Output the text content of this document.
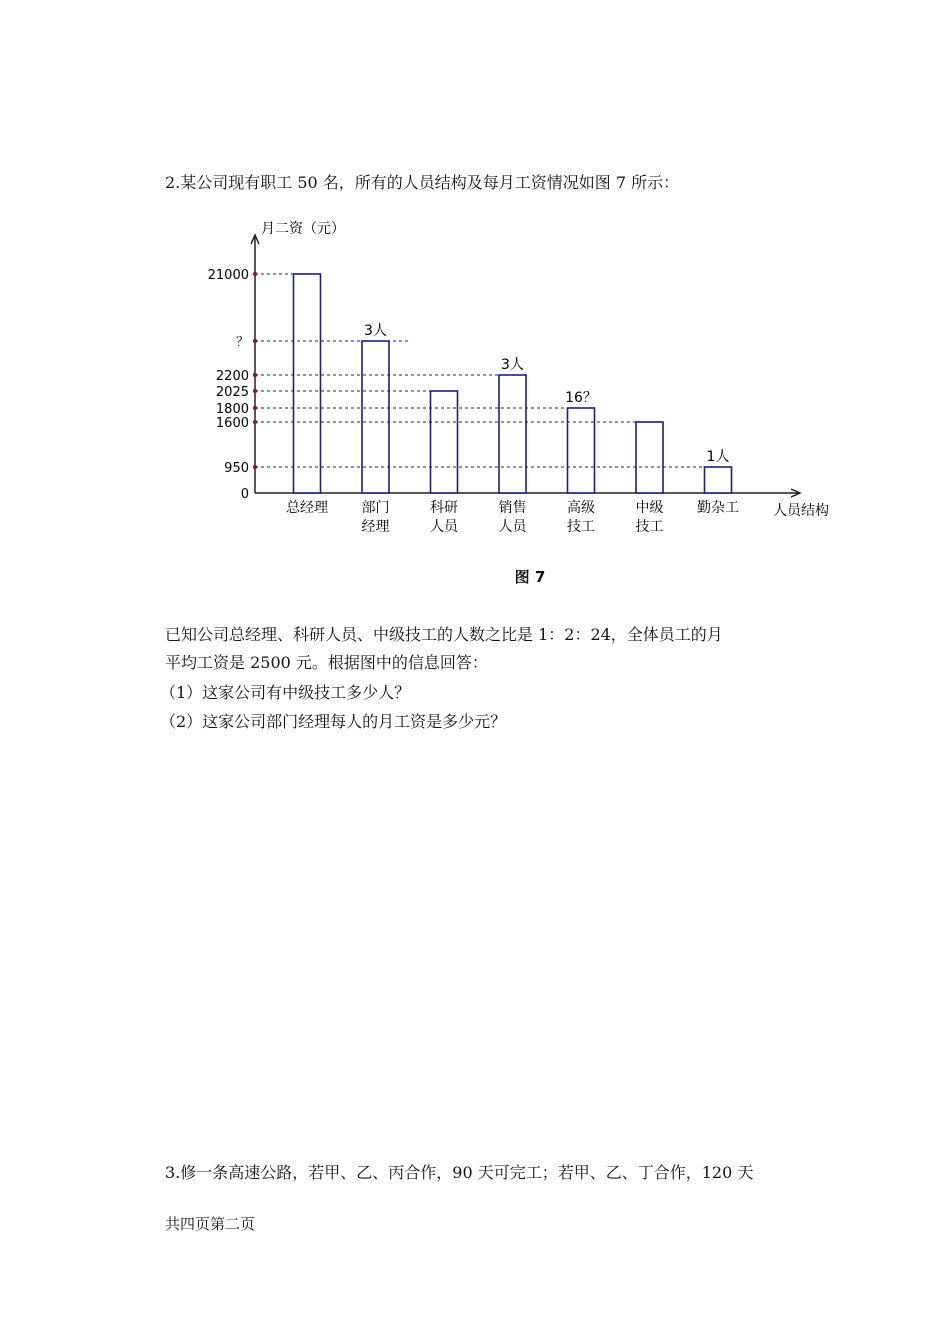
2.某公司现有职工 50 名，所有的人员结构及每月工资情况如图 7 所示：
月二资（元）
人员结构
21000
？
2200
2025
1800
1600
950
0
总经理
3人
部门
经理
科研
人员
3人
销售
人员
16？
高级
技工
中级
技工
1人
勤杂工
图 7
已知公司总经理、科研人员、中级技工的人数之比是 1：2：24，全体员工的月
平均工资是 2500 元。根据图中的信息回答：
（1）这家公司有中级技工多少人？
（2）这家公司部门经理每人的月工资是多少元？
3.修一条高速公路，若甲、乙、丙合作，90 天可完工；若甲、乙、丁合作，120 天
共四页第二页
